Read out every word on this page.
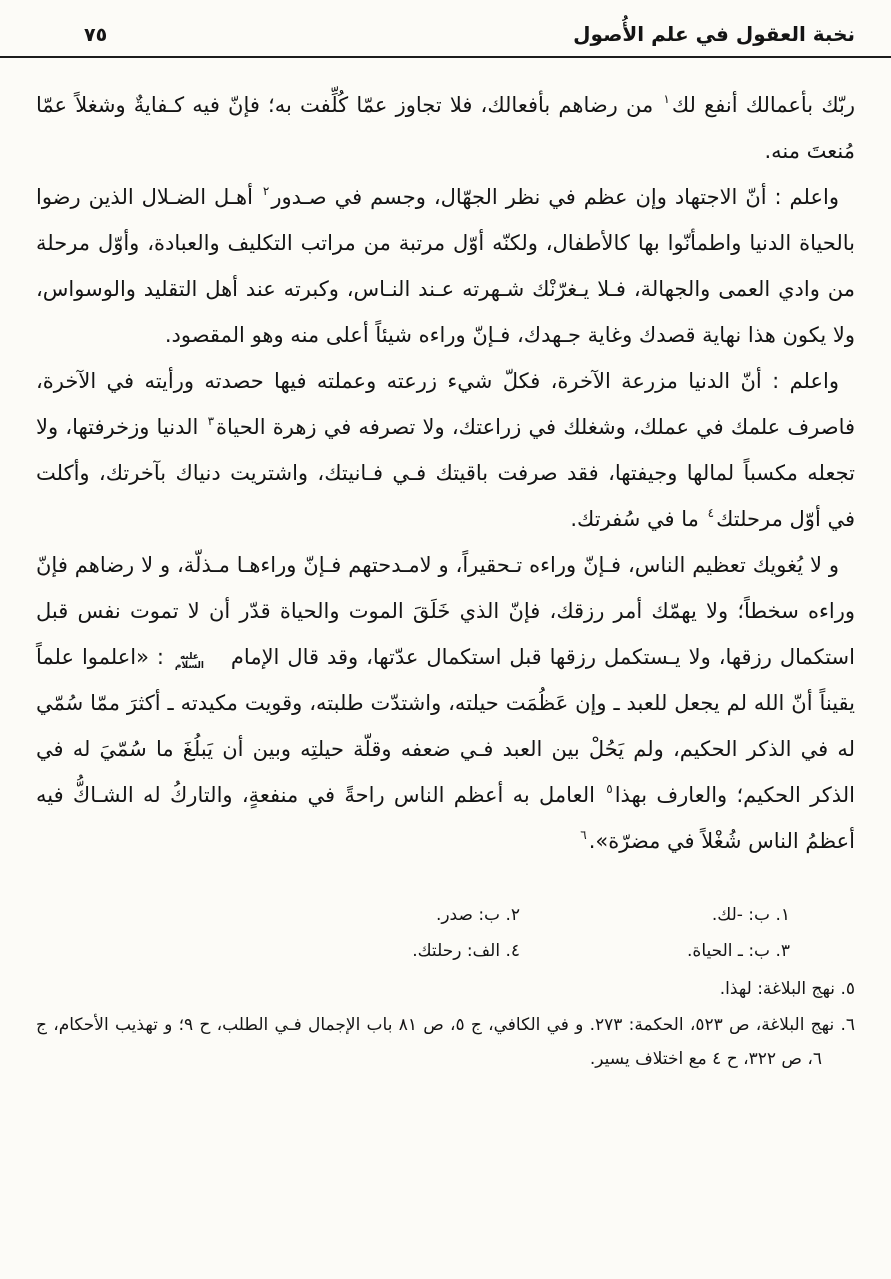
نخبة العقول في علم الأُصول
٧٥

ربّك بأعمالك أنفع لك$^١$ من رضاهم بأفعالك، فلا تجاوز عمّا كُلِّفت به؛ فإنّ فيه كـفايةٌ وشغلاً عمّا مُنعتَ منه.

واعلم : أنّ الاجتهاد وإن عظم في نظر الجهّال، وجسم في صـدور$^٢$ أهـل الضـلال الذين رضوا بالحياة الدنيا واطمأنّوا بها كالأطفال، ولكنّه أوّل مرتبة من مراتب التكليف والعبادة، وأوّل مرحلة من وادي العمى والجهالة، فـلا يـغرّنْك شـهرته عـند النـاس، وكبرته عند أهل التقليد والوسواس، ولا يكون هذا نهاية قصدك وغاية جـهدك، فـإنّ وراءه شيئاً أعلى منه وهو المقصود.

واعلم : أنّ الدنيا مزرعة الآخرة، فكلّ شيء زرعته وعملته فيها حصدته ورأيته في الآخرة، فاصرف علمك في عملك، وشغلك في زراعتك، ولا تصرفه في زهرة الحياة$^٣$ الدنيا وزخرفتها، ولا تجعله مكسباً لمالها وجيفتها، فقد صرفت باقيتك فـي فـانيتك، واشتريت دنياك بآخرتك، وأكلت في أوّل مرحلتك$^٤$ ما في سُفرتك.

و لا يُغويك تعظيم الناس، فـإنّ وراءه تـحقيراً، و لامـدحتهم فـإنّ وراءهـا مـذلّة، و لا رضاهم فإنّ وراءه سخطاً؛ ولا يهمّك أمر رزقك، فإنّ الذي خَلَقَ الموت والحياة قدّر أن لا تموت نفس قبل استكمال رزقها، ولا يـستكمل رزقها قبل استكمال عدّتها، وقد قال الإمام
عليه
السلام
: «اعلموا علماً يقيناً أنّ الله لم يجعل للعبد ـ وإن عَظُمَت حيلته، واشتدّت طلبته، وقويت مكيدته ـ أكثرَ ممّا سُمّي له في الذكر الحكيم، ولم يَحُلْ بين العبد فـي ضعفه وقلّة حيلتِه وبين أن يَبلُغَ ما سُمّيَ له في الذكر الحكيم؛ والعارف بهذا$^٥$ العامل به أعظم الناس راحةً في منفعةٍ، والتاركُ له الشـاكُّ فيه أعظمُ الناس شُغْلاً في مضرّة».$^٦$

١. ب: -لك.
٢. ب: صدر.
٣. ب: ـ الحياة.
٤. الف: رحلتك.
٥. نهج البلاغة: لهذا.
٦. نهج البلاغة، ص ٥٢٣، الحكمة: ٢٧٣. و في الكافي، ج ٥، ص ٨١ باب الإجمال فـي الطلب، ح ٩؛ و تهذيب الأحكام، ج ٦، ص ٣٢٢، ح ٤ مع اختلاف يسير.
